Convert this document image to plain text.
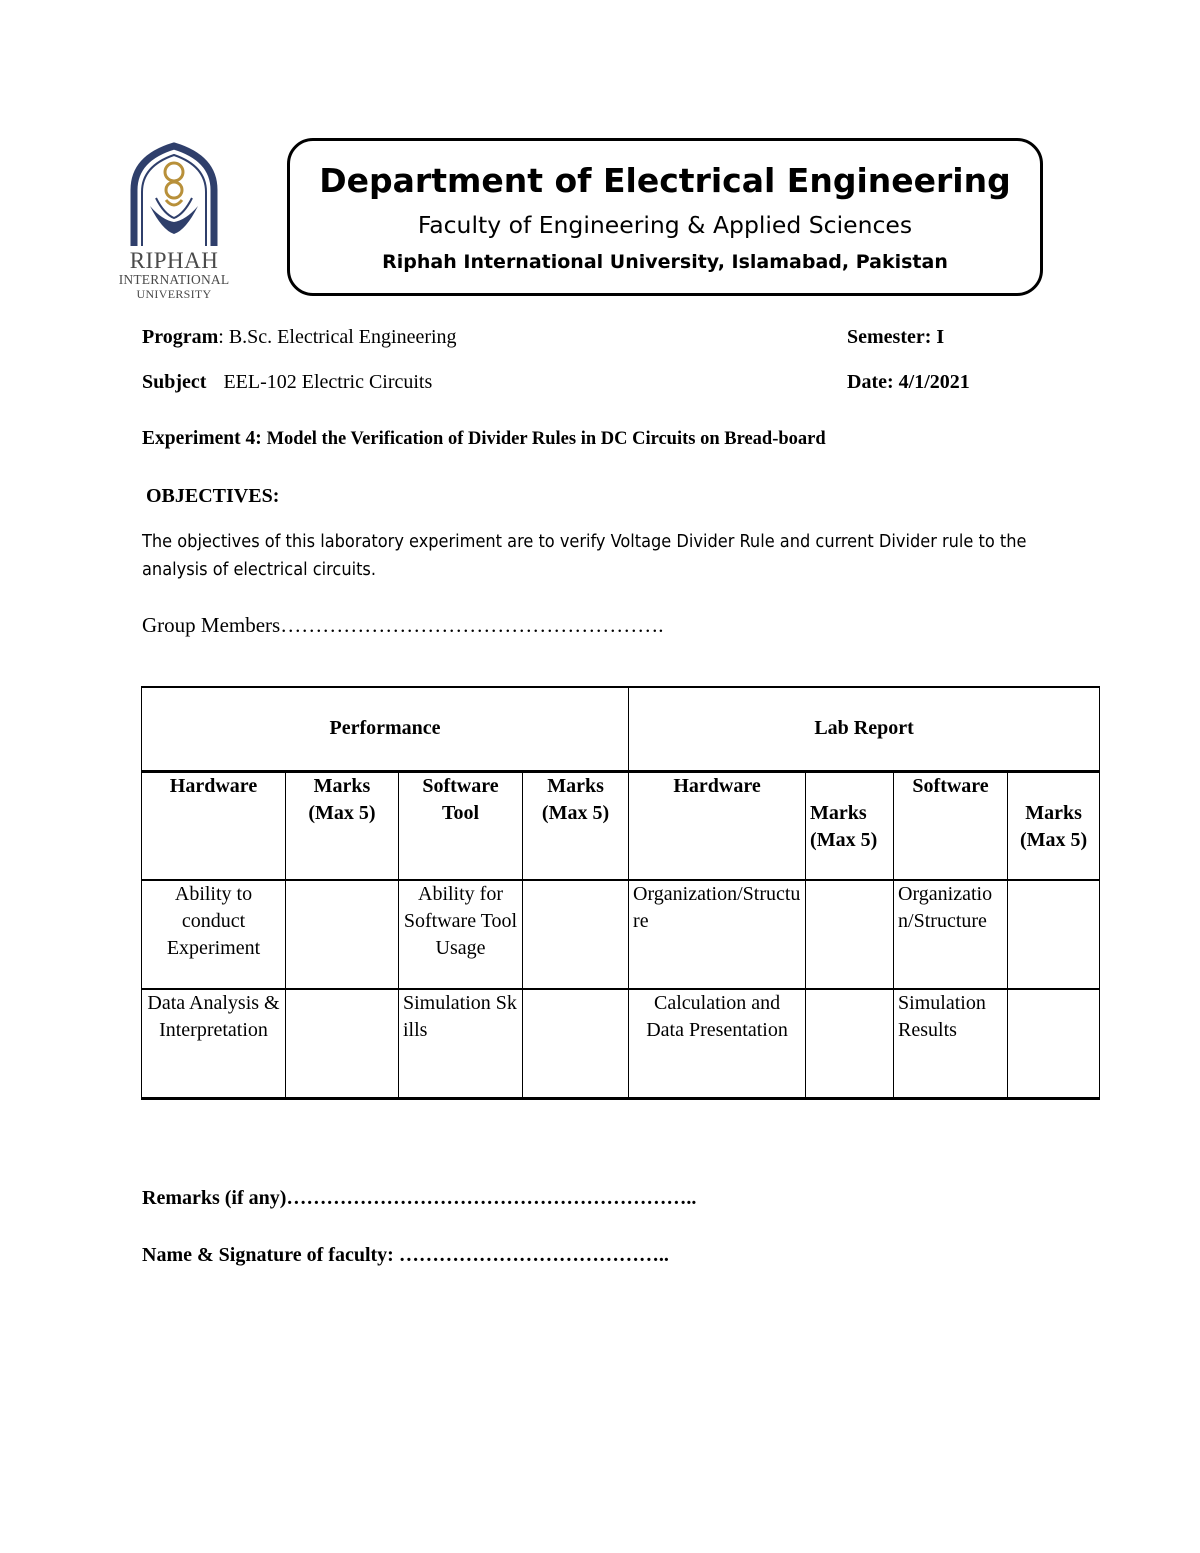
RIPHAH
INTERNATIONAL
UNIVERSITY
Department of Electrical Engineering
Faculty of Engineering & Applied Sciences
Riphah International University, Islamabad, Pakistan
Program: B.Sc. Electrical Engineering	Semester: I
Subject EEL-102 Electric Circuits	Date: 4/1/2021
Experiment 4: Model the Verification of Divider Rules in DC Circuits on Bread-board
OBJECTIVES:
The objectives of this laboratory experiment are to verify Voltage Divider Rule and current Divider rule to the analysis of electrical circuits.
Group Members……………………………………………….
Performance				Lab Report			
Hardware	Marks (Max 5)	Software Tool	Marks (Max 5)	Hardware	Marks (Max 5)	Software	Marks (Max 5)
Ability to conduct Experiment		Ability for Software Tool Usage		Organization/Structure		Organization/Structure	
Data Analysis & Interpretation		Simulation Skills		Calculation and Data Presentation		Simulation Results	
Remarks (if any)……………………………………………………..
Name & Signature of faculty: …………………………………..
